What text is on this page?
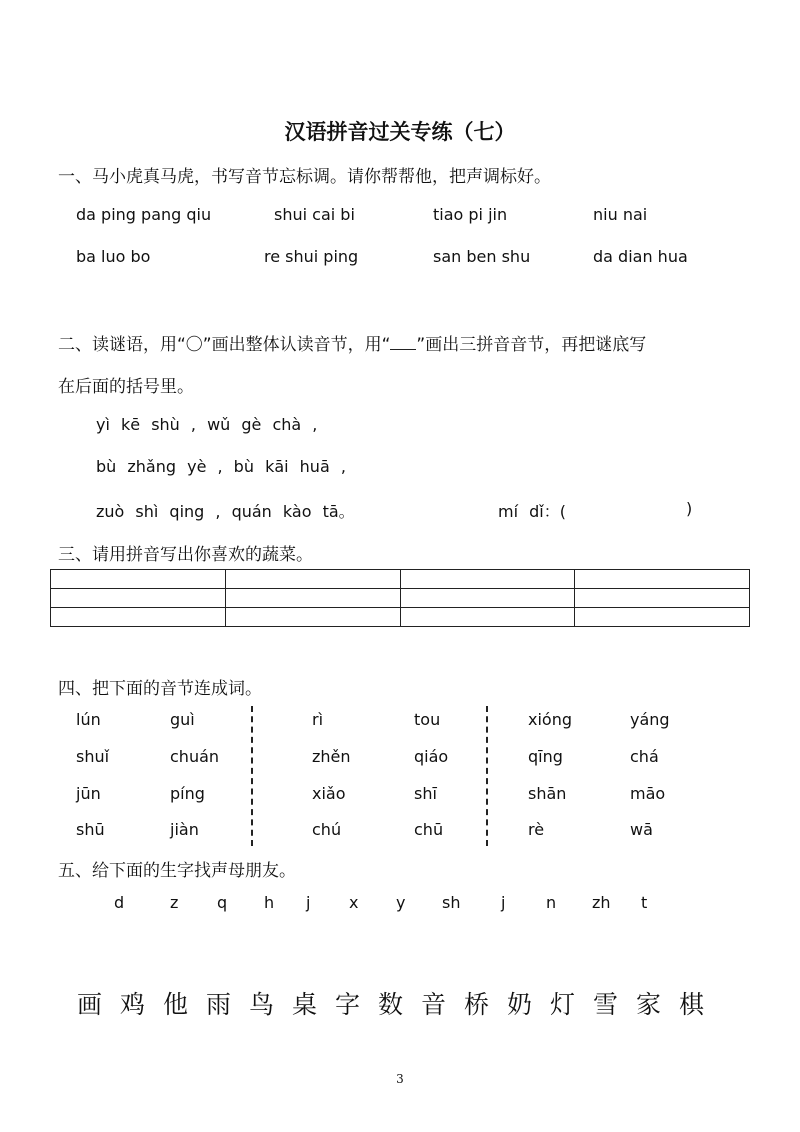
汉语拼音过关专练（七）
一、马小虎真马虎，书写音节忘标调。请你帮帮他，把声调标好。
da ping pang qiu	shui cai bi	tiao pi jin	niu nai
ba luo bo	re shui ping	san ben shu	da dian hua
二、读谜语，用“〇”画出整体认读音节，用“ ”画出三拼音音节，再把谜底写
在后面的括号里。
yì kē shù , wǔ gè chà ,
bù zhǎng yè , bù kāi huā ,
zuò shì qing , quán kào tā。	mí dǐ：(	)
三、请用拼音写出你喜欢的蔬菜。

四、把下面的音节连成词。
lún	guì	rì	tou	xióng	yáng
shuǐ	chuán	zhěn	qiáo	qīng	chá
jūn	píng	xiǎo	shī	shān	māo
shū	jiàn	chú	chū	rè	wā
五、给下面的生字找声母朋友。
d	z q h j x y sh	j	n zh t
画 鸡 他 雨 鸟 桌 字 数 音 桥 奶 灯 雪 家 棋
3
